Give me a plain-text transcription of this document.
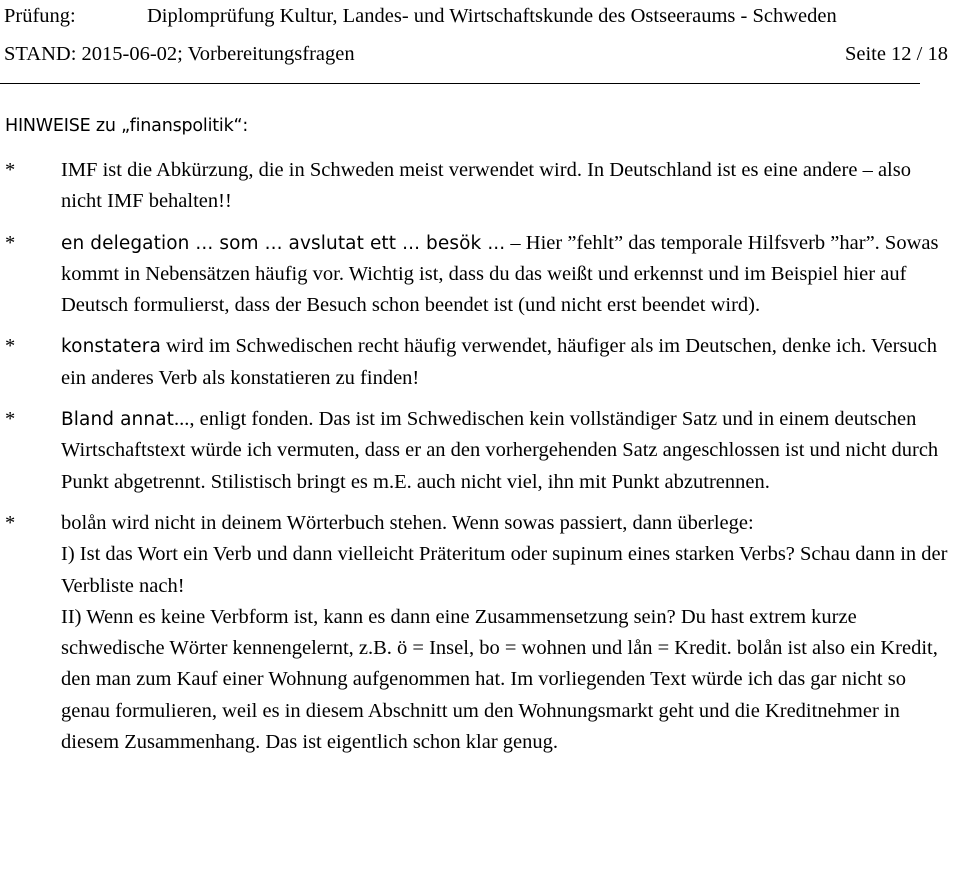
Prüfung:	Diplomprüfung Kultur, Landes- und Wirtschaftskunde des Ostseeraums - Schweden
STAND: 2015-06-02; Vorbereitungsfragen	Seite 12 / 18
HINWEISE zu „finanspolitik“:
* IMF ist die Abkürzung, die in Schweden meist verwendet wird. In Deutschland ist es eine andere – also nicht IMF behalten!!
* en delegation ... som ... avslutat ett ... besök ... – Hier ”fehlt” das temporale Hilfsverb ”har”. Sowas kommt in Nebensätzen häufig vor. Wichtig ist, dass du das weißt und erkennst und im Beispiel hier auf Deutsch formulierst, dass der Besuch schon beendet ist (und nicht erst beendet wird).
* konstatera wird im Schwedischen recht häufig verwendet, häufiger als im Deutschen, denke ich. Versuch ein anderes Verb als konstatieren zu finden!
* Bland annat..., enligt fonden. Das ist im Schwedischen kein vollständiger Satz und in einem deutschen Wirtschaftstext würde ich vermuten, dass er an den vorhergehenden Satz angeschlossen ist und nicht durch Punkt abgetrennt. Stilistisch bringt es m.E. auch nicht viel, ihn mit Punkt abzutrennen.
* bolån wird nicht in deinem Wörterbuch stehen. Wenn sowas passiert, dann überlege:
I) Ist das Wort ein Verb und dann vielleicht Präteritum oder supinum eines starken Verbs? Schau dann in der Verbliste nach!
II) Wenn es keine Verbform ist, kann es dann eine Zusammensetzung sein? Du hast extrem kurze schwedische Wörter kennengelernt, z.B. ö = Insel, bo = wohnen und lån = Kredit. bolån ist also ein Kredit, den man zum Kauf einer Wohnung aufgenommen hat. Im vorliegenden Text würde ich das gar nicht so genau formulieren, weil es in diesem Abschnitt um den Wohnungsmarkt geht und die Kreditnehmer in diesem Zusammenhang. Das ist eigentlich schon klar genug.
